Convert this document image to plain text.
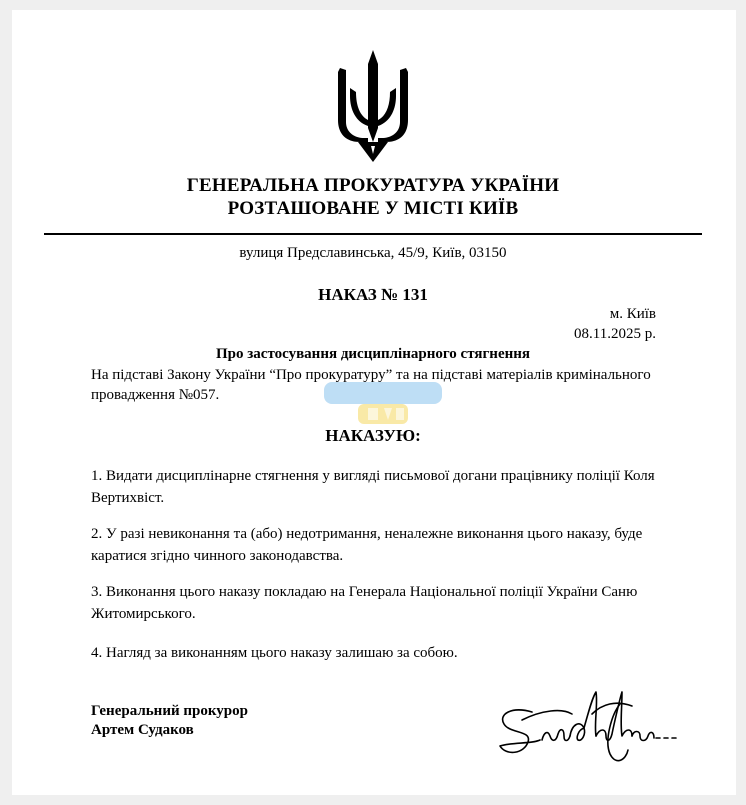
ГЕНЕРАЛЬНА ПРОКУРАТУРА УКРАЇНИ
РОЗТАШОВАНЕ У МІСТІ КИЇВ
вулиця Предславинська, 45/9, Київ, 03150
НАКАЗ № 131
м. Київ
08.11.2025 р.
Про застосування дисциплінарного стягнення
На підставі Закону України “Про прокуратуру” та на підставі матеріалів кримінального провадження №057.
НАКАЗУЮ:
1. Видати дисциплінарне стягнення у вигляді письмової догани працівнику поліції Коля Вертихвіст.
2. У разі невиконання та (або) недотримання, неналежне виконання цього наказу, буде каратися згідно чинного законодавства.
3. Виконання цього наказу покладаю на Генерала Національної поліції України Саню Житомирського.
4. Нагляд за виконанням цього наказу залишаю за собою.
Генеральний прокурор
Артем Судаков
